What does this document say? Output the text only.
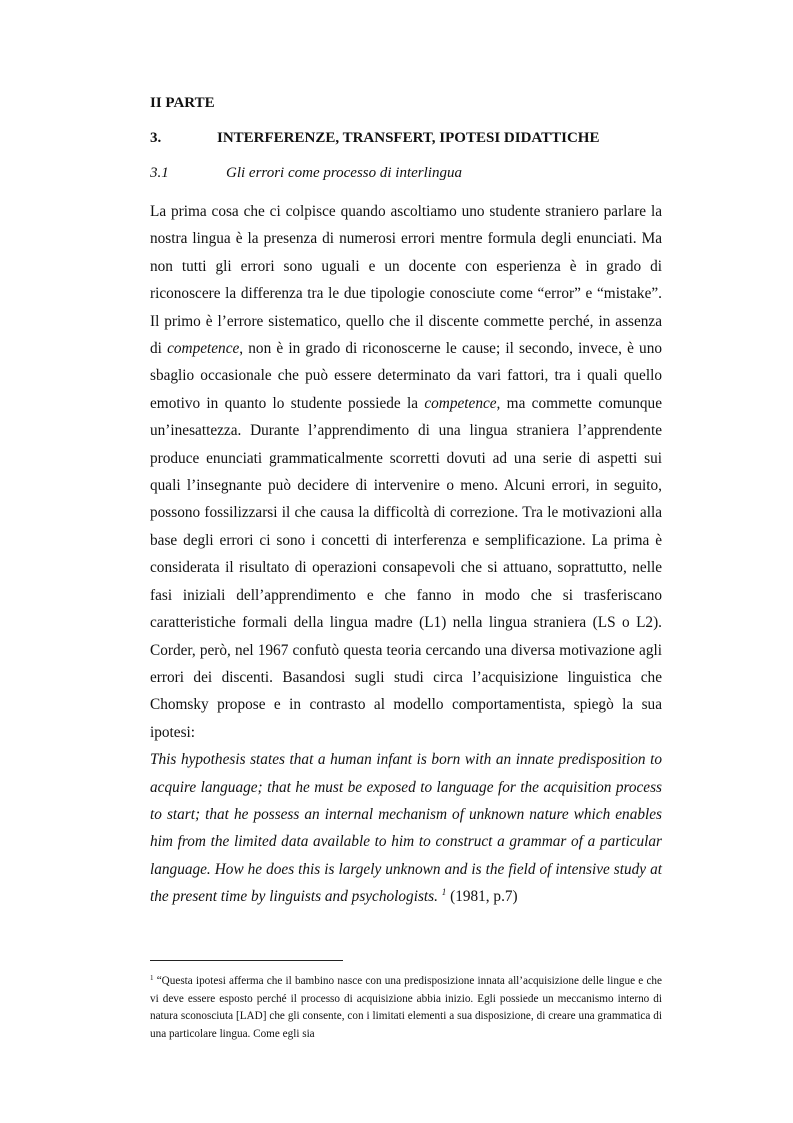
II PARTE
3.	INTERFERENZE, TRANSFERT, IPOTESI DIDATTICHE
3.1	Gli errori come processo di interlingua

La prima cosa che ci colpisce quando ascoltiamo uno studente straniero parlare la nostra lingua è la presenza di numerosi errori mentre formula degli enunciati. Ma non tutti gli errori sono uguali e un docente con esperienza è in grado di riconoscere la differenza tra le due tipologie conosciute come “error” e “mistake”. Il primo è l’errore sistematico, quello che il discente commette perché, in assenza di competence, non è in grado di riconoscerne le cause; il secondo, invece, è uno sbaglio occasionale che può essere determinato da vari fattori, tra i quali quello emotivo in quanto lo studente possiede la competence, ma commette comunque un’inesattezza. Durante l’apprendimento di una lingua straniera l’apprendente produce enunciati grammaticalmente scorretti dovuti ad una serie di aspetti sui quali l’insegnante può decidere di intervenire o meno. Alcuni errori, in seguito, possono fossilizzarsi il che causa la difficoltà di correzione. Tra le motivazioni alla base degli errori ci sono i concetti di interferenza e semplificazione. La prima è considerata il risultato di operazioni consapevoli che si attuano, soprattutto, nelle fasi iniziali dell’apprendimento e che fanno in modo che si trasferiscano caratteristiche formali della lingua madre (L1) nella lingua straniera (LS o L2). Corder, però, nel 1967 confutò questa teoria cercando una diversa motivazione agli errori dei discenti. Basandosi sugli studi circa l’acquisizione linguistica che Chomsky propose e in contrasto al modello comportamentista, spiegò la sua ipotesi:

This hypothesis states that a human infant is born with an innate predisposition to acquire language; that he must be exposed to language for the acquisition process to start; that he possess an internal mechanism of unknown nature which enables him from the limited data available to him to construct a grammar of a particular language. How he does this is largely unknown and is the field of intensive study at the present time by linguists and psychologists. $^1$ (1981, p.7)

$^1$ “Questa ipotesi afferma che il bambino nasce con una predisposizione innata all’acquisizione delle lingue e che vi deve essere esposto perché il processo di acquisizione abbia inizio. Egli possiede un meccanismo interno di natura sconosciuta [LAD] che gli consente, con i limitati elementi a sua disposizione, di creare una grammatica di una particolare lingua. Come egli sia
